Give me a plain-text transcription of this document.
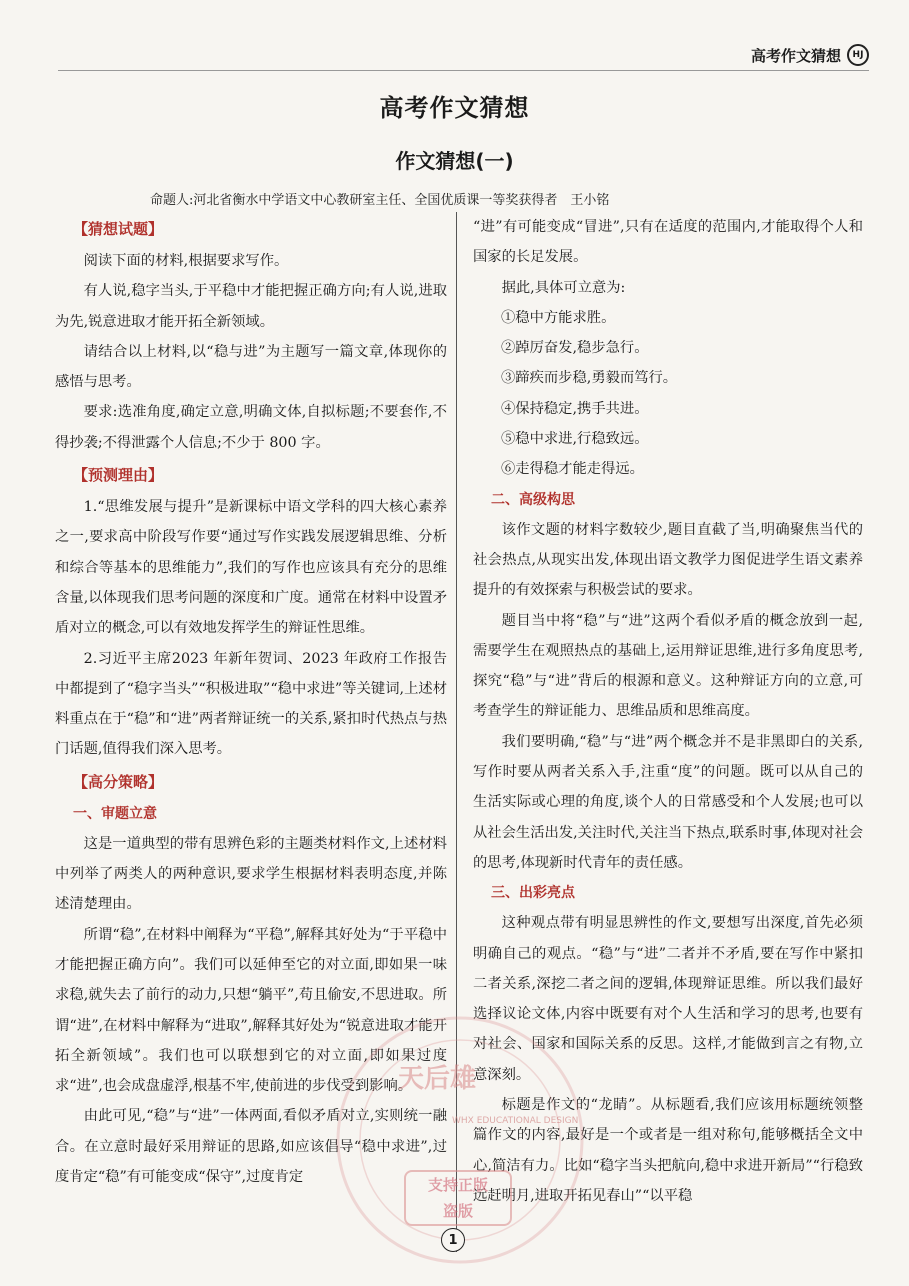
高考作文猜想	HJ
高考作文猜想
作文猜想(一)
命题人:河北省衡水中学语文中心教研室主任、全国优质课一等奖获得者　王小铭
【猜想试题】

阅读下面的材料,根据要求写作。

有人说,稳字当头,于平稳中才能把握正确方向;有人说,进取为先,锐意进取才能开拓全新领域。

请结合以上材料,以“稳与进”为主题写一篇文章,体现你的感悟与思考。

要求:选准角度,确定立意,明确文体,自拟标题;不要套作,不得抄袭;不得泄露个人信息;不少于 800 字。

【预测理由】

1.“思维发展与提升”是新课标中语文学科的四大核心素养之一,要求高中阶段写作要“通过写作实践发展逻辑思维、分析和综合等基本的思维能力”,我们的写作也应该具有充分的思维含量,以体现我们思考问题的深度和广度。通常在材料中设置矛盾对立的概念,可以有效地发挥学生的辩证性思维。

2.习近平主席2023 年新年贺词、2023 年政府工作报告中都提到了“稳字当头”“积极进取”“稳中求进”等关键词,上述材料重点在于“稳”和“进”两者辩证统一的关系,紧扣时代热点与热门话题,值得我们深入思考。

【高分策略】
一、审题立意

这是一道典型的带有思辨色彩的主题类材料作文,上述材料中列举了两类人的两种意识,要求学生根据材料表明态度,并陈述清楚理由。

所谓“稳”,在材料中阐释为“平稳”,解释其好处为“于平稳中才能把握正确方向”。我们可以延伸至它的对立面,即如果一味求稳,就失去了前行的动力,只想“躺平”,苟且偷安,不思进取。所谓“进”,在材料中解释为“进取”,解释其好处为“锐意进取才能开拓全新领域”。我们也可以联想到它的对立面,即如果过度求“进”,也会成盘虚浮,根基不牢,使前进的步伐受到影响。

由此可见,“稳”与“进”一体两面,看似矛盾对立,实则统一融合。在立意时最好采用辩证的思路,如应该倡导“稳中求进”,过度肯定“稳”有可能变成“保守”,过度肯定

“进”有可能变成“冒进”,只有在适度的范围内,才能取得个人和国家的长足发展。

据此,具体可立意为:

①稳中方能求胜。

②踔厉奋发,稳步急行。

③蹄疾而步稳,勇毅而笃行。

④保持稳定,携手共进。

⑤稳中求进,行稳致远。

⑥走得稳才能走得远。

二、高级构思

该作文题的材料字数较少,题目直截了当,明确聚焦当代的社会热点,从现实出发,体现出语文教学力图促进学生语文素养提升的有效探索与积极尝试的要求。

题目当中将“稳”与“进”这两个看似矛盾的概念放到一起,需要学生在观照热点的基础上,运用辩证思维,进行多角度思考,探究“稳”与“进”背后的根源和意义。这种辩证方向的立意,可考查学生的辩证能力、思维品质和思维高度。

我们要明确,“稳”与“进”两个概念并不是非黑即白的关系,写作时要从两者关系入手,注重“度”的问题。既可以从自己的生活实际或心理的角度,谈个人的日常感受和个人发展;也可以从社会生活出发,关注时代,关注当下热点,联系时事,体现对社会的思考,体现新时代青年的责任感。

三、出彩亮点

这种观点带有明显思辨性的作文,要想写出深度,首先必须明确自己的观点。“稳”与“进”二者并不矛盾,要在写作中紧扣二者关系,深挖二者之间的逻辑,体现辩证思维。所以我们最好选择议论文体,内容中既要有对个人生活和学习的思考,也要有对社会、国家和国际关系的反思。这样,才能做到言之有物,立意深刻。

标题是作文的“龙睛”。从标题看,我们应该用标题统领整篇作文的内容,最好是一个或者是一组对称句,能够概括全文中心,简洁有力。比如“稳字当头把航向,稳中求进开新局”“行稳致远赶明月,进取开拓见春山”“以平稳

天后雄
WHX EDUCATIONAL DESIGN
支持正版
盗版
1
